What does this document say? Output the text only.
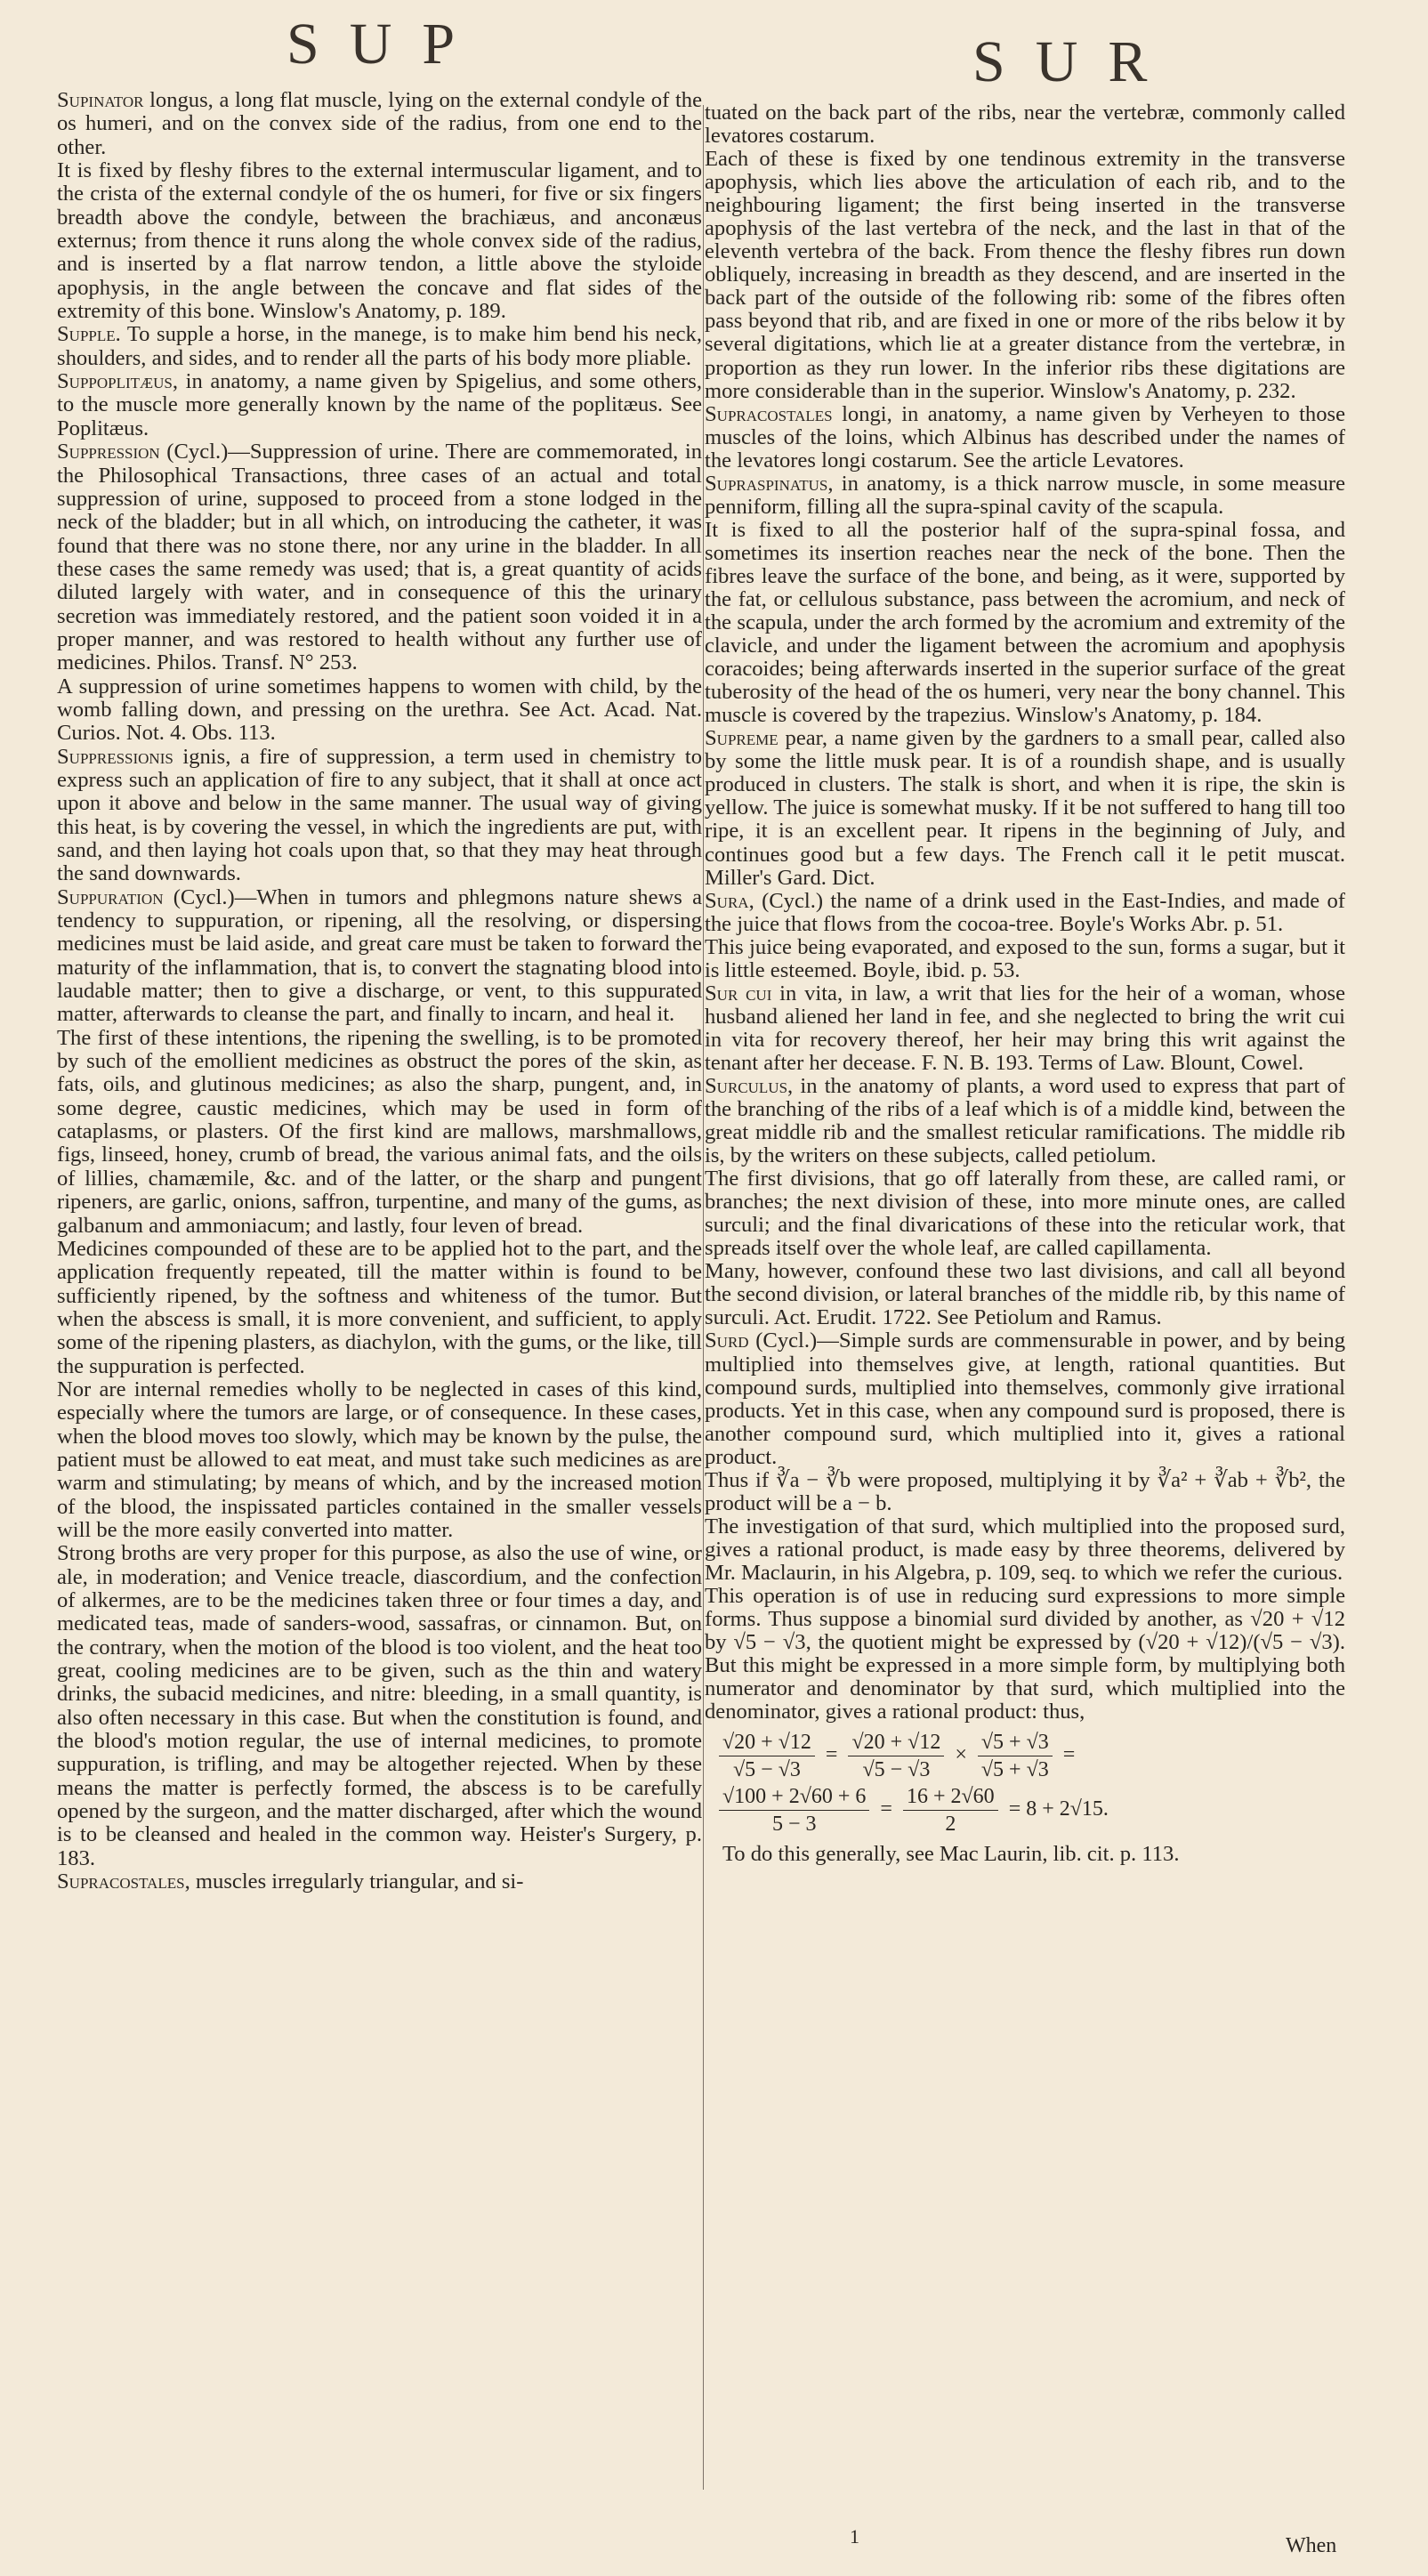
SUP	SUR

Supinator longus, a long flat muscle, lying on the external condyle of the os humeri, and on the convex side of the radius, from one end to the other.

It is fixed by fleshy fibres to the external intermuscular ligament, and to the crista of the external condyle of the os humeri, for five or six fingers breadth above the condyle, between the brachiæus, and anconæus externus; from thence it runs along the whole convex side of the radius, and is inserted by a flat narrow tendon, a little above the styloide apophysis, in the angle between the concave and flat sides of the extremity of this bone. Winslow's Anatomy, p. 189.

Supple. To supple a horse, in the manege, is to make him bend his neck, shoulders, and sides, and to render all the parts of his body more pliable.

Suppoplitæus, in anatomy, a name given by Spigelius, and some others, to the muscle more generally known by the name of the poplitæus. See Poplitæus.

Suppression (Cycl.)—Suppression of urine. There are commemorated, in the Philosophical Transactions, three cases of an actual and total suppression of urine, supposed to proceed from a stone lodged in the neck of the bladder; but in all which, on introducing the catheter, it was found that there was no stone there, nor any urine in the bladder. In all these cases the same remedy was used; that is, a great quantity of acids diluted largely with water, and in consequence of this the urinary secretion was immediately restored, and the patient soon voided it in a proper manner, and was restored to health without any further use of medicines. Philos. Transf. N° 253.

A suppression of urine sometimes happens to women with child, by the womb falling down, and pressing on the urethra. See Act. Acad. Nat. Curios. Not. 4. Obs. 113.

Suppressionis ignis, a fire of suppression, a term used in chemistry to express such an application of fire to any subject, that it shall at once act upon it above and below in the same manner. The usual way of giving this heat, is by covering the vessel, in which the ingredients are put, with sand, and then laying hot coals upon that, so that they may heat through the sand downwards.

Suppuration (Cycl.)—When in tumors and phlegmons nature shews a tendency to suppuration, or ripening, all the resolving, or dispersing medicines must be laid aside, and great care must be taken to forward the maturity of the inflammation, that is, to convert the stagnating blood into laudable matter; then to give a discharge, or vent, to this suppurated matter, afterwards to cleanse the part, and finally to incarn, and heal it.

The first of these intentions, the ripening the swelling, is to be promoted by such of the emollient medicines as obstruct the pores of the skin, as fats, oils, and glutinous medicines; as also the sharp, pungent, and, in some degree, caustic medicines, which may be used in form of cataplasms, or plasters. Of the first kind are mallows, marshmallows, figs, linseed, honey, crumb of bread, the various animal fats, and the oils of lillies, chamæmile, &c. and of the latter, or the sharp and pungent ripeners, are garlic, onions, saffron, turpentine, and many of the gums, as galbanum and ammoniacum; and lastly, four leven of bread.

Medicines compounded of these are to be applied hot to the part, and the application frequently repeated, till the matter within is found to be sufficiently ripened, by the softness and whiteness of the tumor. But when the abscess is small, it is more convenient, and sufficient, to apply some of the ripening plasters, as diachylon, with the gums, or the like, till the suppuration is perfected.

Nor are internal remedies wholly to be neglected in cases of this kind, especially where the tumors are large, or of consequence. In these cases, when the blood moves too slowly, which may be known by the pulse, the patient must be allowed to eat meat, and must take such medicines as are warm and stimulating; by means of which, and by the increased motion of the blood, the inspissated particles contained in the smaller vessels will be the more easily converted into matter.

Strong broths are very proper for this purpose, as also the use of wine, or ale, in moderation; and Venice treacle, diascordium, and the confection of alkermes, are to be the medicines taken three or four times a day, and medicated teas, made of sanders-wood, sassafras, or cinnamon. But, on the contrary, when the motion of the blood is too violent, and the heat too great, cooling medicines are to be given, such as the thin and watery drinks, the subacid medicines, and nitre: bleeding, in a small quantity, is also often necessary in this case. But when the constitution is found, and the blood's motion regular, the use of internal medicines, to promote suppuration, is trifling, and may be altogether rejected. When by these means the matter is perfectly formed, the abscess is to be carefully opened by the surgeon, and the matter discharged, after which the wound is to be cleansed and healed in the common way. Heister's Surgery, p. 183.

Supracostales, muscles irregularly triangular, and si-

tuated on the back part of the ribs, near the vertebræ, commonly called levatores costarum.

Each of these is fixed by one tendinous extremity in the transverse apophysis, which lies above the articulation of each rib, and to the neighbouring ligament; the first being inserted in the transverse apophysis of the last vertebra of the neck, and the last in that of the eleventh vertebra of the back. From thence the fleshy fibres run down obliquely, increasing in breadth as they descend, and are inserted in the back part of the outside of the following rib: some of the fibres often pass beyond that rib, and are fixed in one or more of the ribs below it by several digitations, which lie at a greater distance from the vertebræ, in proportion as they run lower. In the inferior ribs these digitations are more considerable than in the superior. Winslow's Anatomy, p. 232.

Supracostales longi, in anatomy, a name given by Verheyen to those muscles of the loins, which Albinus has described under the names of the levatores longi costarum. See the article Levatores.

Supraspinatus, in anatomy, is a thick narrow muscle, in some measure penniform, filling all the supra-spinal cavity of the scapula.

It is fixed to all the posterior half of the supra-spinal fossa, and sometimes its insertion reaches near the neck of the bone. Then the fibres leave the surface of the bone, and being, as it were, supported by the fat, or cellulous substance, pass between the acromium, and neck of the scapula, under the arch formed by the acromium and extremity of the clavicle, and under the ligament between the acromium and apophysis coracoides; being afterwards inserted in the superior surface of the great tuberosity of the head of the os humeri, very near the bony channel. This muscle is covered by the trapezius. Winslow's Anatomy, p. 184.

Supreme pear, a name given by the gardners to a small pear, called also by some the little musk pear. It is of a roundish shape, and is usually produced in clusters. The stalk is short, and when it is ripe, the skin is yellow. The juice is somewhat musky. If it be not suffered to hang till too ripe, it is an excellent pear. It ripens in the beginning of July, and continues good but a few days. The French call it le petit muscat. Miller's Gard. Dict.

Sura, (Cycl.) the name of a drink used in the East-Indies, and made of the juice that flows from the cocoa-tree. Boyle's Works Abr. p. 51.

This juice being evaporated, and exposed to the sun, forms a sugar, but it is little esteemed. Boyle, ibid. p. 53.

Sur cui in vita, in law, a writ that lies for the heir of a woman, whose husband aliened her land in fee, and she neglected to bring the writ cui in vita for recovery thereof, her heir may bring this writ against the tenant after her decease. F. N. B. 193. Terms of Law. Blount, Cowel.

Surculus, in the anatomy of plants, a word used to express that part of the branching of the ribs of a leaf which is of a middle kind, between the great middle rib and the smallest reticular ramifications. The middle rib is, by the writers on these subjects, called petiolum.

The first divisions, that go off laterally from these, are called rami, or branches; the next division of these, into more minute ones, are called surculi; and the final divarications of these into the reticular work, that spreads itself over the whole leaf, are called capillamenta.

Many, however, confound these two last divisions, and call all beyond the second division, or lateral branches of the middle rib, by this name of surculi. Act. Erudit. 1722. See Petiolum and Ramus.

Surd (Cycl.)—Simple surds are commensurable in power, and by being multiplied into themselves give, at length, rational quantities. But compound surds, multiplied into themselves, commonly give irrational products. Yet in this case, when any compound surd is proposed, there is another compound surd, which multiplied into it, gives a rational product.

Thus if ∛a − ∛b were proposed, multiplying it by ∛a² + ∛ab + ∛b², the product will be a − b.

The investigation of that surd, which multiplied into the proposed surd, gives a rational product, is made easy by three theorems, delivered by Mr. Maclaurin, in his Algebra, p. 109, seq. to which we refer the curious.

This operation is of use in reducing surd expressions to more simple forms. Thus suppose a binomial surd divided by another, as √20 + √12 by √5 − √3, the quotient might be expressed by (√20 + √12)/(√5 − √3). But this might be expressed in a more simple form, by multiplying both numerator and denominator by that surd, which multiplied into the denominator, gives a rational product: thus,

$\frac{√20 + √12}{√5 - √3} = \frac{√20 + √12}{√5 - √3} \times \frac{√5 + √3}{√5 + √3}$ =
$\frac{√100 + 2√60 + 6}{5 - 3} = \frac{16 + 2√60}{2} = 8 + 2√15$.

To do this generally, see Mac Laurin, lib. cit. p. 113.

1	When
